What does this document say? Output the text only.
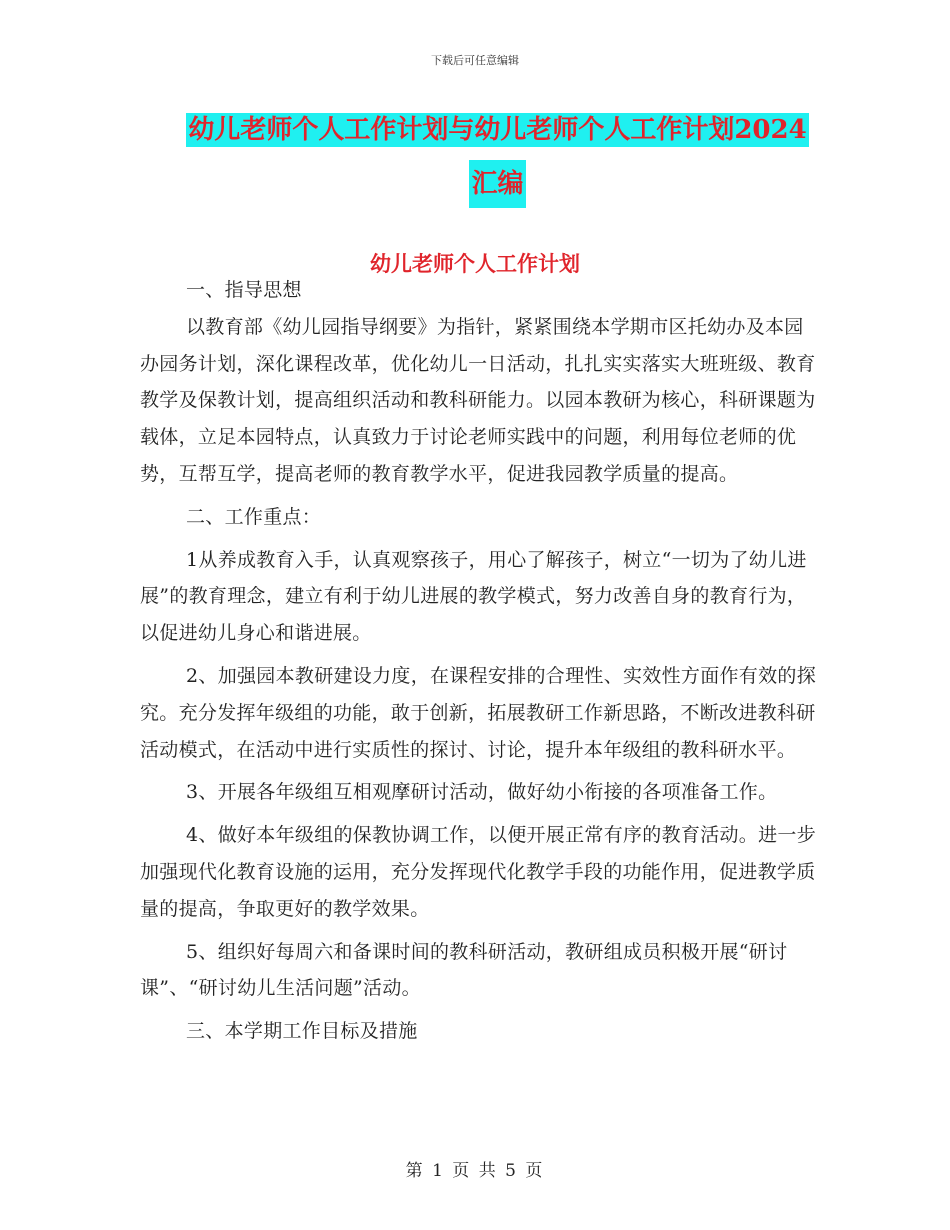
下载后可任意编辑
幼儿老师个人工作计划与幼儿老师个人工作计划2024
汇编
幼儿老师个人工作计划

一、指导思想

以教育部《幼儿园指导纲要》为指针，紧紧围绕本学期市区托幼办及本园办园务计划，深化课程改革，优化幼儿一日活动，扎扎实实落实大班班级、教育教学及保教计划，提高组织活动和教科研能力。以园本教研为核心，科研课题为载体，立足本园特点，认真致力于讨论老师实践中的问题，利用每位老师的优势，互帮互学，提高老师的教育教学水平，促进我园教学质量的提高。

二、工作重点：

1从养成教育入手，认真观察孩子，用心了解孩子，树立“一切为了幼儿进展”的教育理念，建立有利于幼儿进展的教学模式，努力改善自身的教育行为，以促进幼儿身心和谐进展。

2、加强园本教研建设力度，在课程安排的合理性、实效性方面作有效的探究。充分发挥年级组的功能，敢于创新，拓展教研工作新思路，不断改进教科研活动模式，在活动中进行实质性的探讨、讨论，提升本年级组的教科研水平。

3、开展各年级组互相观摩研讨活动，做好幼小衔接的各项准备工作。

4、做好本年级组的保教协调工作，以便开展正常有序的教育活动。进一步加强现代化教育设施的运用，充分发挥现代化教学手段的功能作用，促进教学质量的提高，争取更好的教学效果。

5、组织好每周六和备课时间的教科研活动，教研组成员积极开展“研讨课”、“研讨幼儿生活问题”活动。

三、本学期工作目标及措施

第 1 页 共 5 页
